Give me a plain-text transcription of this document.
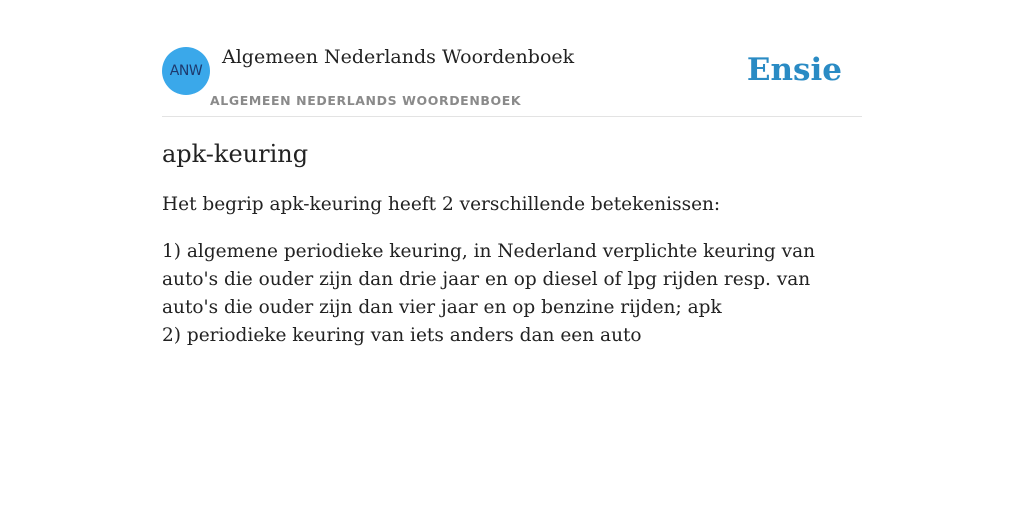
ANW
Algemeen Nederlands Woordenboek
ALGEMEEN NEDERLANDS WOORDENBOEK
Ensie
apk-keuring

Het begrip apk-keuring heeft 2 verschillende betekenissen:

1) algemene periodieke keuring, in Nederland verplichte keuring van auto's die ouder zijn dan drie jaar en op diesel of lpg rijden resp. van auto's die ouder zijn dan vier jaar en op benzine rijden; apk
2) periodieke keuring van iets anders dan een auto
